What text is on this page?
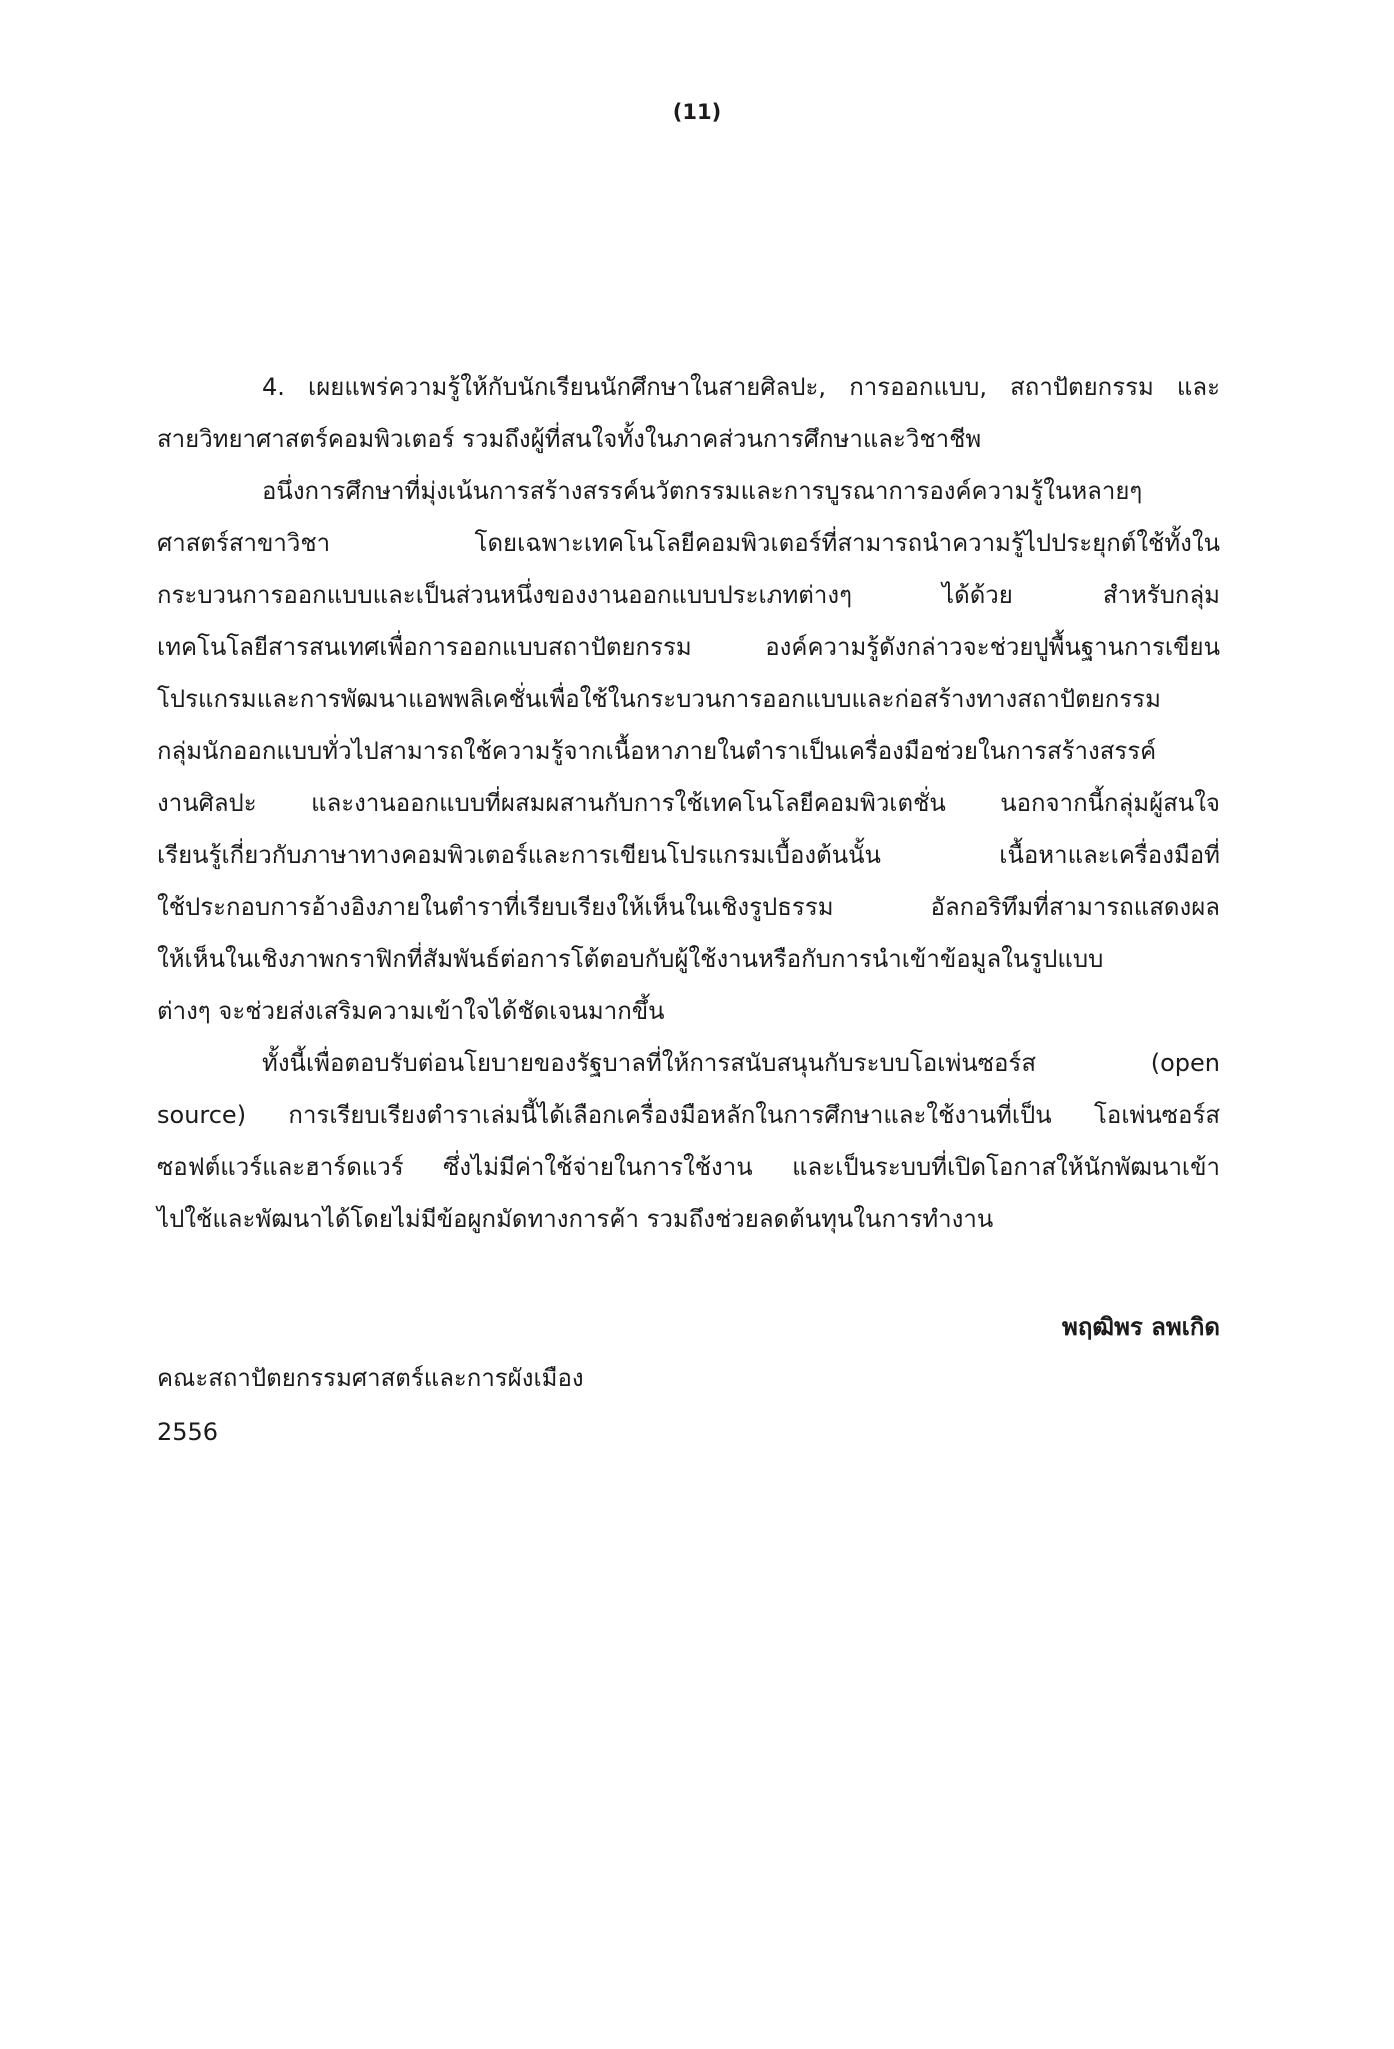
(11)
4. เผยแพร่ความรู้ให้กับนักเรียนนักศึกษาในสายศิลปะ, การออกแบบ, สถาปัตยกรรม และ
สายวิทยาศาสตร์คอมพิวเตอร์ รวมถึงผู้ที่สนใจทั้งในภาคส่วนการศึกษาและวิชาชีพ
อนึ่งการศึกษาที่มุ่งเน้นการสร้างสรรค์นวัตกรรมและการบูรณาการองค์ความรู้ในหลายๆ
ศาสตร์สาขาวิชา โดยเฉพาะเทคโนโลยีคอมพิวเตอร์ที่สามารถนำความรู้ไปประยุกต์ใช้ทั้งใน
กระบวนการออกแบบและเป็นส่วนหนึ่งของงานออกแบบประเภทต่างๆ ได้ด้วย สำหรับกลุ่ม
เทคโนโลยีสารสนเทศเพื่อการออกแบบสถาปัตยกรรม องค์ความรู้ดังกล่าวจะช่วยปูพื้นฐานการเขียน
โปรแกรมและการพัฒนาแอพพลิเคชั่นเพื่อใช้ในกระบวนการออกแบบและก่อสร้างทางสถาปัตยกรรม
กลุ่มนักออกแบบทั่วไปสามารถใช้ความรู้จากเนื้อหาภายในตำราเป็นเครื่องมือช่วยในการสร้างสรรค์
งานศิลปะ และงานออกแบบที่ผสมผสานกับการใช้เทคโนโลยีคอมพิวเตชั่น นอกจากนี้กลุ่มผู้สนใจ
เรียนรู้เกี่ยวกับภาษาทางคอมพิวเตอร์และการเขียนโปรแกรมเบื้องต้นนั้น เนื้อหาและเครื่องมือที่
ใช้ประกอบการอ้างอิงภายในตำราที่เรียบเรียงให้เห็นในเชิงรูปธรรม อัลกอริทึมที่สามารถแสดงผล
ให้เห็นในเชิงภาพกราฟิกที่สัมพันธ์ต่อการโต้ตอบกับผู้ใช้งานหรือกับการนำเข้าข้อมูลในรูปแบบ
ต่างๆ จะช่วยส่งเสริมความเข้าใจได้ชัดเจนมากขึ้น
ทั้งนี้เพื่อตอบรับต่อนโยบายของรัฐบาลที่ให้การสนับสนุนกับระบบโอเพ่นซอร์ส (open
source) การเรียบเรียงตำราเล่มนี้ได้เลือกเครื่องมือหลักในการศึกษาและใช้งานที่เป็น โอเพ่นซอร์ส
ซอฟต์แวร์และฮาร์ดแวร์ ซึ่งไม่มีค่าใช้จ่ายในการใช้งาน และเป็นระบบที่เปิดโอกาสให้นักพัฒนาเข้า
ไปใช้และพัฒนาได้โดยไม่มีข้อผูกมัดทางการค้า รวมถึงช่วยลดต้นทุนในการทำงาน
พฤฒิพร ลพเกิด
คณะสถาปัตยกรรมศาสตร์และการผังเมือง
2556
